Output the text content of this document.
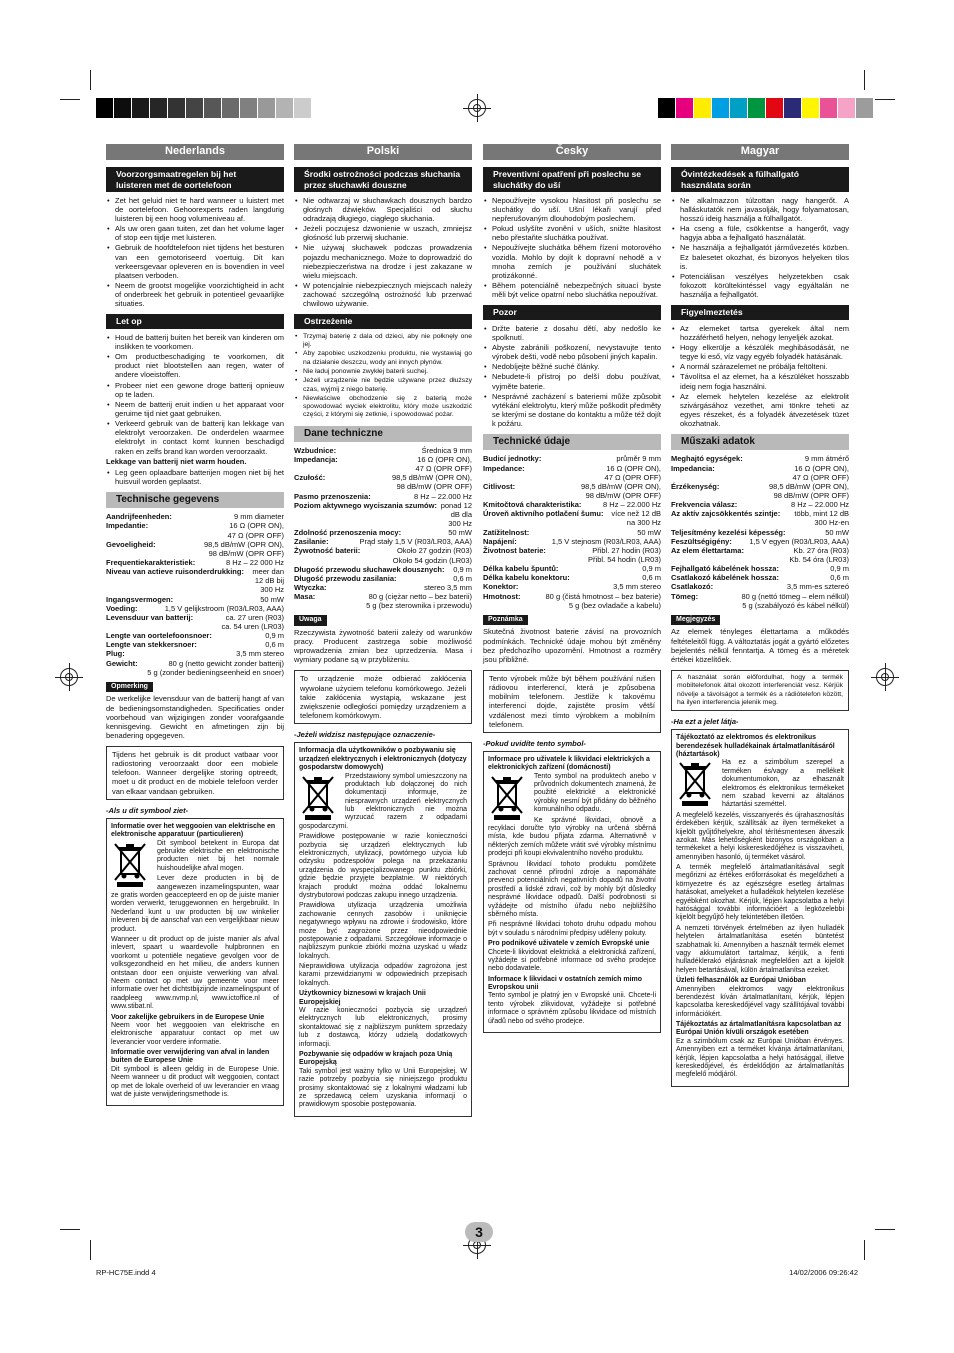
Nederlands
Voorzorgsmaatregelen bij het luisteren met de oortelefoon
• Zet het geluid niet te hard wanneer u luistert met de oortelefoon. Gehoorexperts raden langdurig luisteren bij een hoog volumeniveau af.
• Als uw oren gaan tuiten, zet dan het volume lager of stop een tijdje met luisteren.
• Gebruik de hoofdtelefoon niet tijdens het besturen van een gemotoriseerd voertuig. Dit kan verkeersgevaar opleveren en is bovendien in veel plaatsen verboden.
• Neem de grootst mogelijke voorzichtigheid in acht of onderbreek het gebruik in potentieel gevaarlijke situaties.
Let op
• Houd de batterij buiten het bereik van kinderen om inslikken te voorkomen.
• Om productbeschadiging te voorkomen, dit product niet blootstellen aan regen, water of andere vloeistoffen.
• Probeer niet een gewone droge batterij opnieuw op te laden.
• Neem de batterij eruit indien u het apparaat voor geruime tijd niet gaat gebruiken.
• Verkeerd gebruik van de batterij kan lekkage van elektrolyt veroorzaken. De onderdelen waarmee elektrolyt in contact komt kunnen beschadigd raken en zelfs brand kan worden veroorzaakt.
Lekkage van batterij niet warm houden.
• Leg geen oplaadbare batterijen mogen niet bij het huisvuil worden geplaatst.
Technische gegevens
Aandrijfeenheden:	9 mm diameter
Impedantie:	16 Ω (OPR ON),
47 Ω (OPR OFF)
Gevoeligheid:	98,5 dB/mW (OPR ON),
98 dB/mW (OPR OFF)
Frequentiekarakteristiek:	8 Hz – 22 000 Hz
Niveau van actieve ruisonderdrukking:	meer dan 12 dB bij 300 Hz
Ingangsvermogen:	50 mW
Voeding:	1,5 V gelijkstroom (R03/LR03, AAA)
Levensduur van batterij:	ca. 27 uren (R03)
ca. 54 uren (LR03)
Lengte van oortelefoonsnoer:	0,9 m
Lengte van stekkersnoer:	0,6 m
Plug:	3,5 mm stereo
Gewicht:	80 g (netto gewicht zonder batterij)
5 g (zonder bedieningseenheid en snoer)
Opmerking
De werkelijke levensduur van de batterij hangt af van de bedieningsomstandigheden. Specificaties onder voorbehoud van wijzigingen zonder voorafgaande kennisgeving. Gewicht en afmetingen zijn bij benadering opgegeven.
Tijdens het gebruik is dit product vatbaar voor radiostoring veroorzaakt door een mobiele telefoon. Wanneer dergelijke storing optreedt, moet u dit product en de mobiele telefoon verder van elkaar vandaan gebruiken.
-Als u dit symbool ziet-
Informatie over het weggooien van elektrische en elektronische apparatuur (particulieren)
Dit symbool betekent in Europa dat gebruikte elektrische en elektronische producten niet bij het normale huishoudelijke afval mogen.
Lever deze producten in bij de aangewezen inzamelingspunten, waar ze gratis worden geaccepteerd en op de juiste manier worden verwerkt, teruggewonnen en hergebruikt. In Nederland kunt u uw producten bij uw winkelier inleveren bij de aanschaf van een vergelijkbaar nieuw product.
Wanneer u dit product op de juiste manier als afval inlevert, spaart u waardevolle hulpbronnen en voorkomt u potentiële negatieve gevolgen voor de volksgezondheid en het milieu, die anders kunnen ontstaan door een onjuiste verwerking van afval. Neem contact op met uw gemeente voor meer informatie over het dichtstbijzijnde inzamelingspunt of raadpleeg www.nvmp.nl, www.ictoffice.nl of www.stibat.nl.
Voor zakelijke gebruikers in de Europese Unie
Neem voor het weggooien van elektrische en elektronische apparatuur contact op met uw leverancier voor verdere informatie.
Informatie over verwijdering van afval in landen buiten de Europese Unie
Dit symbool is alleen geldig in de Europese Unie. Neem wanneer u dit product wilt weggooien, contact op met de lokale overheid of uw leverancier en vraag wat de juiste verwijderingsmethode is.
Polski
Środki ostrożności podczas słuchania przez słuchawki dousznе
• Nie odtwarzaj w słuchawkach dousznych bardzo głośnych dźwięków. Specjaliści od słuchu odradzają długiego, ciągłego słuchania.
• Jeżeli poczujesz dzwonienie w uszach, zmniejsz głośność lub przerwij słuchanie.
• Nie używaj słuchawek podczas prowadzenia pojazdu mechanicznego. Może to doprowadzić do niebezpieczeństwa na drodze i jest zakazane w wielu miejscach.
• W potencjalnie niebezpiecznych miejscach należy zachować szczególną ostrożność lub przerwać chwilowo używanie.
Ostrzeżenie
• Trzymaj baterię z dala od dzieci, aby nie połknęły one jej.
• Aby zapobiec uszkodzeniu produktu, nie wystawiaj go na działanie deszczu, wody ani innych płynów.
• Nie ładuj ponownie zwykłej baterii suchej.
• Jeżeli urządzenie nie będzie używane przez dłuższy czas, wyjmij z niego baterię.
• Niewłaściwe obchodzenie się z baterią może spowodować wyciek elektrolitu, który może uszkodzić części, z którymi się zetknie, i spowodować pożar.
Dane techniczne
Wzbudnice:	Średnica 9 mm
Impedancja:	16 Ω (OPR ON),
47 Ω (OPR OFF)
Czułość:	98,5 dB/mW (OPR ON),
98 dB/mW (OPR OFF)
Pasmo przenoszenia:	8 Hz – 22.000 Hz
Poziom aktywnego wyciszania szumów: ponad 12 dB dla 300 Hz
Zdolność przenoszenia mocy:	50 mW
Zasilanie:	Prąd stały 1,5 V (R03/LR03, AAA)
Żywotność baterii:	Około 27 godzin (R03)
Około 54 godzin (LR03)
Długość przewodu słuchawek dousznych: 0,9 m
Długość przewodu zasilania:	0,6 m
Wtyczka:	stereo 3,5 mm
Masa:	80 g (ciężar netto – bez baterii)
5 g (bez sterownika i przewodu)
Uwaga
Rzeczywista żywotność baterii zależy od warunków pracy. Producent zastrzega sobie możliwość wprowadzenia zmian bez uprzedzenia. Masa i wymiary podane są w przybliżeniu.
To urządzenie może odbierać zakłócenia wywołane użyciem telefonu komórkowego. Jeżeli takie zakłócenia wystąpią, wskazane jest zwiększenie odległości pomiędzy urządzeniem a telefonem komórkowym.
-Jeżeli widzisz następujące oznaczenie-
Informacja dla użytkowników o pozbywaniu się urządzeń elektrycznych i elektronicznych (dotyczy gospodarstw domowych)
Przedstawiony symbol umieszczony na produktach lub dołączonej do nich dokumentacji informuje, że niesprawnych urządzeń elektrycznych lub elektronicznych nie można wyrzucać razem z odpadami gospodarczymi.
Prawidłowe postępowanie w razie konieczności pozbycia się urządzeń elektrycznych lub elektronicznych, utylizacji, powtórnego użycia lub odzysku podzespołów polega na przekazaniu urządzenia do wyspecjalizowanego punktu zbiórki, gdzie będzie przyjęte bezpłatnie. W niektórych krajach produkt można oddać lokalnemu dystrybutorowi podczas zakupu innego urządzenia.
Prawidłowa utylizacja urządzenia umożliwia zachowanie cennych zasobów i uniknięcie negatywnego wpływu na zdrowie i środowisko, które może być zagrożone przez nieodpowiednie postępowanie z odpadami. Szczegółowe informacje o najbliższym punkcie zbiórki można uzyskać u władz lokalnych.
Nieprawidłowa utylizacja odpadów zagrożona jest karami przewidzianymi w odpowiednich przepisach lokalnych.
Użytkownicy biznesowi w krajach Unii Europejskiej
W razie konieczności pozbycia się urządzeń elektrycznych lub elektronicznych, prosimy skontaktować się z najbliższym punktem sprzedaży lub z dostawcą, którzy udzielą dodatkowych informacji.
Pozbywanie się odpadów w krajach poza Unią Europejską
Taki symbol jest ważny tylko w Unii Europejskej. W razie potrzeby pozbycia się niniejszego produktu prosimy skontaktować się z lokalnymi władzami lub ze sprzedawcą celem uzyskania informacji o prawidłowym sposobie postępowania.
Česky
Preventivní opatření při poslechu se sluchátky do uší
• Nepoužívejte vysokou hlasitost při poslechu se sluchátky do uší. Ušní lékaři varují před nepřerušovaným dlouhodobým poslechem.
• Pokud uslyšíte zvonění v uších, snižte hlasitost nebo přestaňte sluchátka používat.
• Nepoužívejte sluchátka během řízení motorového vozidla. Mohlo by dojít k dopravní nehodě a v mnoha zemích je používání sluchátek protizákonné.
• Během potenciálně nebezpečných situací byste měli být velice opatrní nebo sluchátka nepoužívat.
Pozor
• Držte baterie z dosahu dětí, aby nedošlo ke spolknutí.
• Abyste zabránili poškození, nevystavujte tento výrobek dešti, vodě nebo působení jiných kapalin.
• Nedobíjejte běžné suché články.
• Nebudete-li přístroj po delší dobu používat, vyjměte baterie.
• Nesprávné zacházení s bateriemi může způsobit vytékání elektrolytu, který může poškodit předměty se kterými se dostane do kontaktu a může též dojít k požáru.
Technické údaje
Budicí jednotky:	průměr 9 mm
Impedance:	16 Ω (OPR ON),
47 Ω (OPR OFF)
Citlivost:	98,5 dB/mW (OPR ON),
98 dB/mW (OPR OFF)
Kmitočtová charakteristika:	8 Hz – 22.000 Hz
Úroveň aktivního potlačení šumu:	více než 12 dB na 300 Hz
Zatížitelnost:	50 mW
Napájení:	1,5 V stejnosm (R03/LR03, AAA)
Životnost baterie:	Přibl. 27 hodin (R03)
Přibl. 54 hodin (LR03)
Délka kabelu špuntů:	0,9 m
Délka kabelu konektoru:	0,6 m
Konektor:	3,5 mm stereo
Hmotnost:	80 g (čistá hmotnost – bez baterie)
5 g (bez ovladače a kabelu)
Poznámka
Skutečná životnost baterie závisí na provozních podmínkách. Technické údaje mohou být změněny bez předchozího upozornění. Hmotnost a rozměry jsou přibližné.
Tento výrobek může být během používání rušen rádiovou interferencí, která je způsobena mobilním telefonem. Jestliže k takovému interferenci dojde, zajistěte prosím větší vzdálenost mezi tímto výrobkem a mobilním telefonem.
-Pokud uvidíte tento symbol-
Informace pro uživatele k likvidaci elektrických a elektronických zařízení (domácnosti)
Tento symbol na produktech anebo v průvodních dokumentech znamená, že použité elektrické a elektronické výrobky nesmí být přidány do běžného komunálního odpadu.
Ke správné likvidaci, obnově a recyklaci doručte tyto výrobky na určená sběrná místa, kde budou přijata zdarma. Alternativně v některých zemích můžete vrátit své výrobky místnímu prodejci při koupi ekvivalentního nového produktu.
Správnou likvidací tohoto produktu pomůžete zachovat cenné přírodní zdroje a napomáháte prevenci potenciálních negativních dopadů na životní prostředí a lidské zdraví, což by mohly být důsledky nesprávné likvidace odpadů. Další podrobnosti si vyžádejte od místního úřadu nebo nejbližšího sběrného místa.
Při nesprávné likvidaci tohoto druhu odpadu mohou být v souladu s národními předpisy uděleny pokuty.
Pro podnikové uživatele v zemích Evropské unie
Chcete-li likvidovat elektrická a elektronická zařízení, vyžádejte si potřebné informace od svého prodejce nebo dodavatele.
Informace k likvidaci v ostatních zemích mimo Evropskou unii
Tento symbol je platný jen v Evropské unii. Chcete-li tento výrobek zlikvidovat, vyžádejte si potřebné informace o správném způsobu likvidace od místních úřadů nebo od svého prodejce.
Magyar
Óvintézkedések a fülhallgató használata során
• Ne alkalmazzon túlzottan nagy hangerőt. A halláskutatók nem javasolják, hogy folyamatosan, hosszú ideig használja a fülhallgatót.
• Ha cseng a füle, csökkentse a hangerőt, vagy hagyja abba a fejhallgató használatát.
• Ne használja a fejhallgatót járművezetés közben. Ez balesetet okozhat, és bizonyos helyeken tilos is.
• Potenciálisan veszélyes helyzetekben csak fokozott körültekintéssel vagy egyáltalán ne használja a fejhallgatót.
Figyelmeztetés
• Az elemeket tartsa gyerekek által nem hozzáférhető helyen, nehogy lenyeljék azokat.
• Hogy elkerülje a készülék meghibásodását, ne tegye ki eső, víz vagy egyéb folyadék hatásának.
• A normál szárazelemet ne próbálja feltölteni.
• Távolítsa el az elemet, ha a készüléket hosszabb ideig nem fogja használni.
• Az elemek helytelen kezelése az elektrolit szivárgásához vezethet, ami tönkre teheti az egyes részeket, és a folyadék átvezetések tüzet okozhatnak.
Műszaki adatok
Meghajtó egységek:	9 mm átmérő
Impedancia:	16 Ω (OPR ON),
47 Ω (OPR OFF)
Érzékenység:	98,5 dB/mW (OPR ON),
98 dB/mW (OPR OFF)
Frekvencia válasz:	8 Hz – 22.000 Hz
Az aktív zajcsökkentés szintje:	több, mint 12 dB 300 Hz-en
Teljesítmény kezelési képesség:	50 mW
Feszültségigény: 1,5 V egyen (R03/LR03, AAA)
Az elem élettartama:	Kb. 27 óra (R03)
Kb. 54 óra (LR03)
Fejhallgató kábelének hossza:	0,9 m
Csatlakozó kábelének hossza:	0,6 m
Csatlakozó:	3,5 mm-es sztereó
Tömeg:	80 g (nettó tömeg – elem nélkül)
5 g (szabályozó és kábel nélkül)
Megjegyzés
Az elemek tényleges élettartama a működés feltételeitől függ. A változtatás jogát a gyártó előzetes bejelentés nélkül fenntartja. A tömeg és a méretek értékei közelítőek.
A használat során előfordulhat, hogy a termék mobiltelefonok által okozott interferenciát vesz. Kérjük növelje a távolságot a termék és a rádiótelefon között, ha ilyen interferencia jelenik meg.
-Ha ezt a jelet látja-
Tájékoztató az elektromos és elektronikus berendezések hulladékainak ártalmatlanításáról (háztartások)
Ha ez a szimbólum szerepel a terméken és/vagy a mellékelt dokumentumokon, az elhasznált elektromos és elektronikus termékeket nem szabad keverni az általános háztartási szeméttel.
A megfelelő kezelés, visszanyerés és újrahasznosítás érdekében kérjük, szállítsák az ilyen termékeket a kijelölt gyűjtőhelyekre, ahol térítésmentesen átveszik azokat. Más lehetőségként bizonyos országokban a termékeket a helyi kiskereskedőjéhez is visszaviheti, amennyiben hasonló, új terméket vásárol.
A termék megfelelő ártalmatlanításával segít megőrizni az értékes erőforrásokat és megelőzheti a környezetre és az egészségre esetleg ártalmas hatásokat, amelyeket a hulladékok helytelen kezelése egyébként okozhat. Kérjük, lépjen kapcsolatba a helyi hatósággal további információért a legközelebbi kijelölt begyűjtő hely tekintetében illetően.
A nemzeti törvények értelmében az ilyen hulladék helytelen ártalmatlanítása esetén büntetést szabhatnak ki. Amennyiben a használt termék elemet vagy akkumulátort tartalmaz, kérjük, a fenti hulladéklerakó eljárásnak megfelelően azt a kijelölt helyen betartásával, külön ártalmatlanítsa ezeket.
Üzleti felhasználók az Európai Unióban
Amennyiben elektromos vagy elektronikus berendezést kíván ártalmatlanítani, kérjük, lépjen kapcsolatba kereskedőjével vagy szállítójával további információkért.
Tájékoztatás az ártalmatlanításra kapcsolatban az Európai Unión kívüli országok esetében
Ez a szimbólum csak az Európai Unióban érvényes. Amennyiben ezt a terméket kívánja ártalmatlanítani, kérjük, lépjen kapcsolatba a helyi hatósággal, illetve kereskedőjével, és érdeklődjön az ártalmatlanítás megfelelő módjáról.
3
RP-HC75E.indd 4	14/02/2006 09:26:42
